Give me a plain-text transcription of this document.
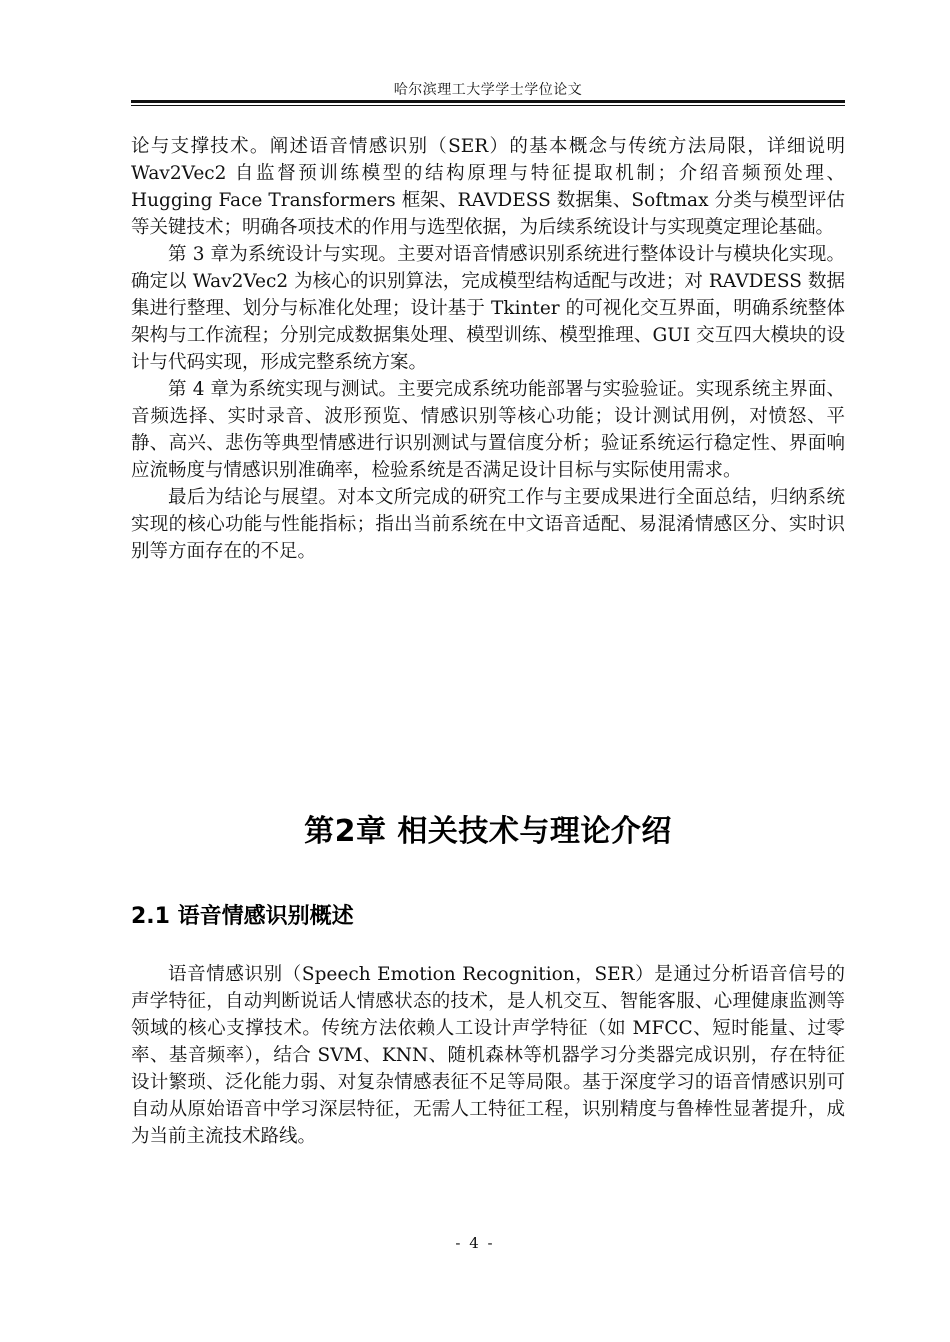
哈尔滨理工大学学士学位论文

论与支撑技术。阐述语音情感识别（SER）的基本概念与传统方法局限，详细说明 Wav2Vec2 自监督预训练模型的结构原理与特征提取机制；介绍音频预处理、Hugging Face Transformers 框架、RAVDESS 数据集、Softmax 分类与模型评估等关键技术；明确各项技术的作用与选型依据，为后续系统设计与实现奠定理论基础。

第 3 章为系统设计与实现。主要对语音情感识别系统进行整体设计与模块化实现。确定以 Wav2Vec2 为核心的识别算法，完成模型结构适配与改进；对 RAVDESS 数据集进行整理、划分与标准化处理；设计基于 Tkinter 的可视化交互界面，明确系统整体架构与工作流程；分别完成数据集处理、模型训练、模型推理、GUI 交互四大模块的设计与代码实现，形成完整系统方案。

第 4 章为系统实现与测试。主要完成系统功能部署与实验验证。实现系统主界面、音频选择、实时录音、波形预览、情感识别等核心功能；设计测试用例，对愤怒、平静、高兴、悲伤等典型情感进行识别测试与置信度分析；验证系统运行稳定性、界面响应流畅度与情感识别准确率，检验系统是否满足设计目标与实际使用需求。

最后为结论与展望。对本文所完成的研究工作与主要成果进行全面总结，归纳系统实现的核心功能与性能指标；指出当前系统在中文语音适配、易混淆情感区分、实时识别等方面存在的不足。

第2章 相关技术与理论介绍
2.1 语音情感识别概述

语音情感识别（Speech Emotion Recognition，SER）是通过分析语音信号的声学特征，自动判断说话人情感状态的技术，是人机交互、智能客服、心理健康监测等领域的核心支撑技术。传统方法依赖人工设计声学特征（如 MFCC、短时能量、过零率、基音频率），结合 SVM、KNN、随机森林等机器学习分类器完成识别，存在特征设计繁琐、泛化能力弱、对复杂情感表征不足等局限。基于深度学习的语音情感识别可自动从原始语音中学习深层特征，无需人工特征工程，识别精度与鲁棒性显著提升，成为当前主流技术路线。

- 4 -
